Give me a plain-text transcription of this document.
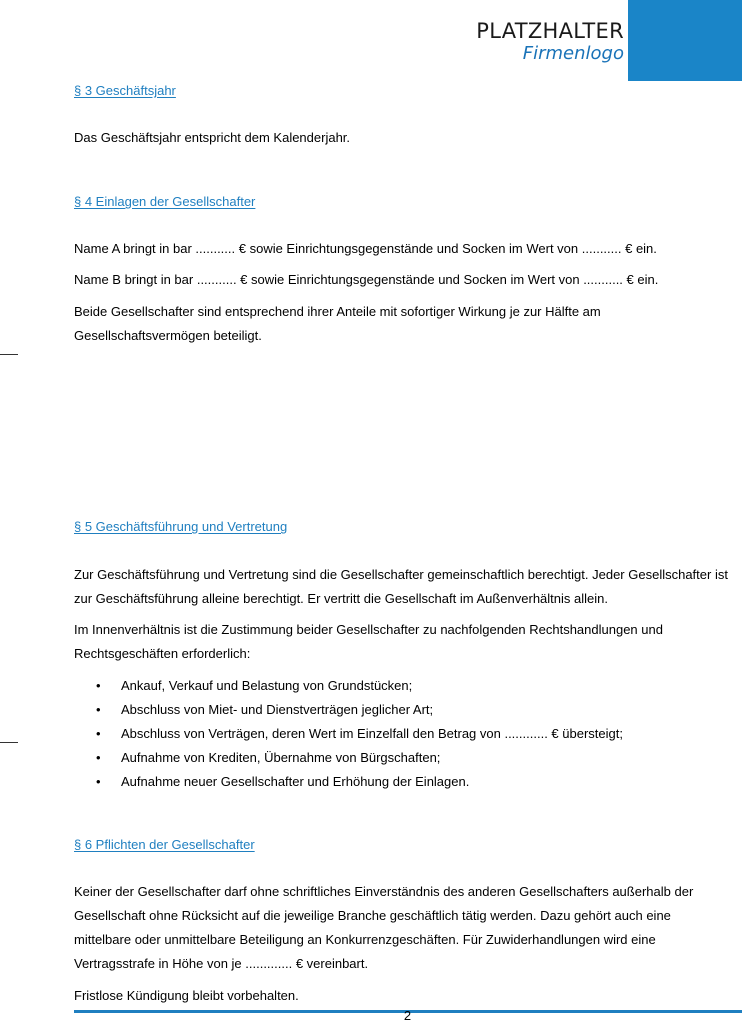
PLATZHALTER
Firmenlogo
§ 3 Geschäftsjahr
Das Geschäftsjahr entspricht dem Kalenderjahr.
§ 4 Einlagen der Gesellschafter
Name A bringt in bar ........... € sowie Einrichtungsgegenstände und Socken im Wert von ........... € ein.
Name B bringt in bar ........... € sowie Einrichtungsgegenstände und Socken im Wert von ........... € ein.
Beide Gesellschafter sind entsprechend ihrer Anteile mit sofortiger Wirkung je zur Hälfte am
Gesellschaftsvermögen beteiligt.
§ 5 Geschäftsführung und Vertretung
Zur Geschäftsführung und Vertretung sind die Gesellschafter gemeinschaftlich berechtigt. Jeder Gesellschafter ist
zur Geschäftsführung alleine berechtigt. Er vertritt die Gesellschaft im Außenverhältnis allein.
Im Innenverhältnis ist die Zustimmung beider Gesellschafter zu nachfolgenden Rechtshandlungen und
Rechtsgeschäften erforderlich:
• Ankauf, Verkauf und Belastung von Grundstücken;
• Abschluss von Miet- und Dienstverträgen jeglicher Art;
• Abschluss von Verträgen, deren Wert im Einzelfall den Betrag von ............ € übersteigt;
• Aufnahme von Krediten, Übernahme von Bürgschaften;
• Aufnahme neuer Gesellschafter und Erhöhung der Einlagen.
§ 6 Pflichten der Gesellschafter
Keiner der Gesellschafter darf ohne schriftliches Einverständnis des anderen Gesellschafters außerhalb der
Gesellschaft ohne Rücksicht auf die jeweilige Branche geschäftlich tätig werden. Dazu gehört auch eine
mittelbare oder unmittelbare Beteiligung an Konkurrenzgeschäften. Für Zuwiderhandlungen wird eine
Vertragsstrafe in Höhe von je ............. € vereinbart.
Fristlose Kündigung bleibt vorbehalten.
2
